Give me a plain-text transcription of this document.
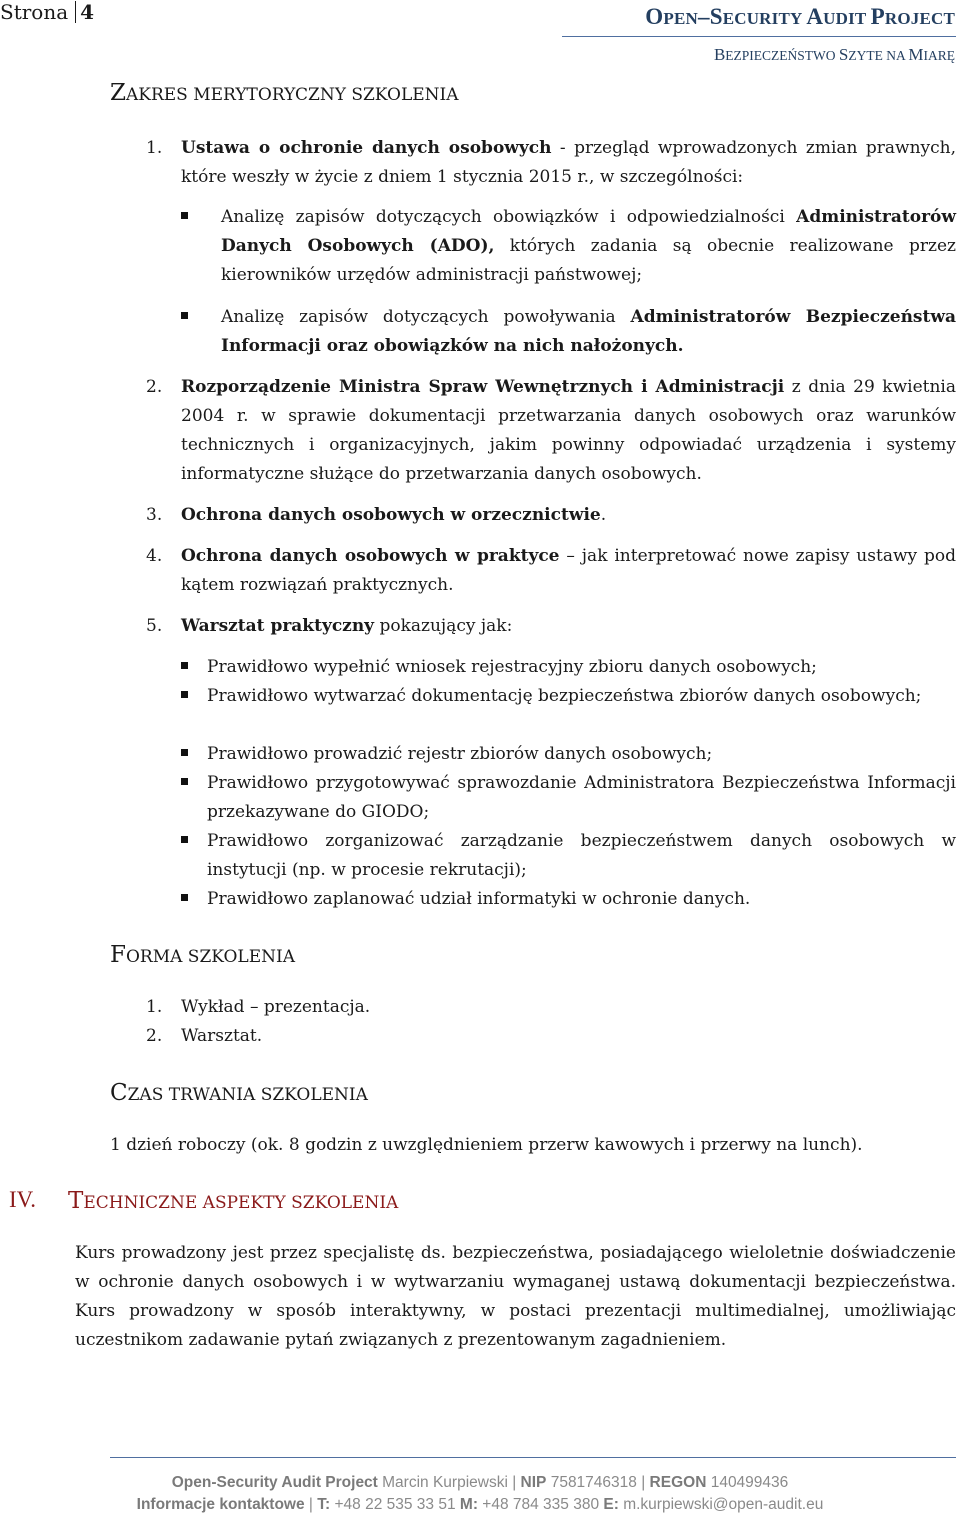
Strona 4	OPEN–SECURITY AUDIT PROJECT
BEZPIECZEŃSTWO SZYTE NA MIARĘ
ZAKRES MERYTORYCZNY SZKOLENIA
1. Ustawa o ochronie danych osobowych - przegląd wprowadzonych zmian prawnych, które weszły w życie z dniem 1 stycznia 2015 r., w szczególności:
Analizę zapisów dotyczących obowiązków i odpowiedzialności Administratorów Danych Osobowych (ADO), których zadania są obecnie realizowane przez kierowników urzędów administracji państwowej;
Analizę zapisów dotyczących powoływania Administratorów Bezpieczeństwa Informacji oraz obowiązków na nich nałożonych.
2. Rozporządzenie Ministra Spraw Wewnętrznych i Administracji z dnia 29 kwietnia 2004 r. w sprawie dokumentacji przetwarzania danych osobowych oraz warunków technicznych i organizacyjnych, jakim powinny odpowiadać urządzenia i systemy informatyczne służące do przetwarzania danych osobowych.
3. Ochrona danych osobowych w orzecznictwie.
4. Ochrona danych osobowych w praktyce – jak interpretować nowe zapisy ustawy pod kątem rozwiązań praktycznych.
5. Warsztat praktyczny pokazujący jak:
Prawidłowo wypełnić wniosek rejestracyjny zbioru danych osobowych;
Prawidłowo wytwarzać dokumentację bezpieczeństwa zbiorów danych osobowych;
Prawidłowo prowadzić rejestr zbiorów danych osobowych;
Prawidłowo przygotowywać sprawozdanie Administratora Bezpieczeństwa Informacji przekazywane do GIODO;
Prawidłowo zorganizować zarządzanie bezpieczeństwem danych osobowych w instytucji (np. w procesie rekrutacji);
Prawidłowo zaplanować udział informatyki w ochronie danych.
FORMA SZKOLENIA
1. Wykład – prezentacja.
2. Warsztat.
CZAS TRWANIA SZKOLENIA
1 dzień roboczy (ok. 8 godzin z uwzględnieniem przerw kawowych i przerwy na lunch).
IV. TECHNICZNE ASPEKTY SZKOLENIA
Kurs prowadzony jest przez specjalistę ds. bezpieczeństwa, posiadającego wieloletnie doświadczenie w ochronie danych osobowych i w wytwarzaniu wymaganej ustawą dokumentacji bezpieczeństwa. Kurs prowadzony w sposób interaktywny, w postaci prezentacji multimedialnej, umożliwiając uczestnikom zadawanie pytań związanych z prezentowanym zagadnieniem.
Open-Security Audit Project Marcin Kurpiewski | NIP 7581746318 | REGON 140499436
Informacje kontaktowe | T: +48 22 535 33 51 M: +48 784 335 380 E: m.kurpiewski@open-audit.eu
